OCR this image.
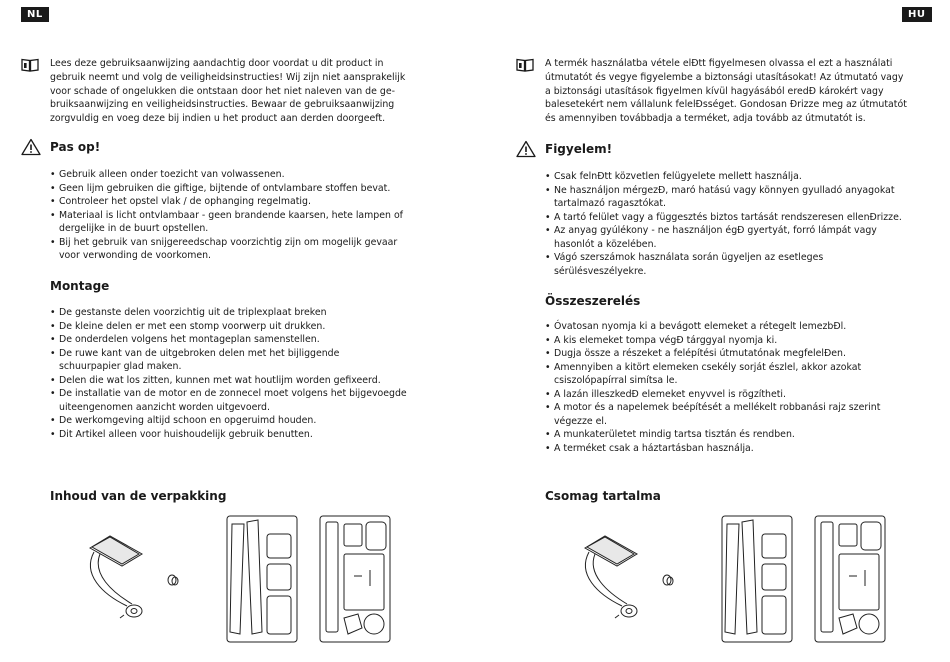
NL

Lees deze gebruiksaanwijzing aandachtig door voordat u dit product in
gebruik neemt und volg de veiligheidsinstructies! Wij zijn niet aansprakelijk
voor schade of ongelukken die ontstaan door het niet naleven van de ge-
bruiksaanwijzing en veiligheidsinstructies. Bewaar de gebruiksaanwijzing
zorgvuldig en voeg deze bij indien u het product aan derden doorgeeft.

Pas op!
• Gebruik alleen onder toezicht van volwassenen.
• Geen lijm gebruiken die giftige, bijtende of ontvlambare stoffen bevat.
• Controleer het opstel vlak / de ophanging regelmatig.
• Materiaal is licht ontvlambaar - geen brandende kaarsen, hete lampen of
dergelijke in de buurt opstellen.
• Bij het gebruik van snijgereedschap voorzichtig zijn om mogelijk gevaar
voor verwonding de voorkomen.
Montage
• De gestanste delen voorzichtig uit de triplexplaat breken
• De kleine delen er met een stomp voorwerp uit drukken.
• De onderdelen volgens het montageplan samenstellen.
• De ruwe kant van de uitgebroken delen met het bijliggende
schuurpapier glad maken.
• Delen die wat los zitten, kunnen met wat houtlijm worden gefixeerd.
• De installatie van de motor en de zonnecel moet volgens het bijgevoegde
uiteengenomen aanzicht worden uitgevoerd.
• De werkomgeving altijd schoon en opgeruimd houden.
• Dit Artikel alleen voor huishoudelijk gebruik benutten.
Inhoud van de verpakking
HU

A termék használatba vétele elÐtt figyelmesen olvassa el ezt a használati
útmutatót és vegye figyelembe a biztonsági utasításokat! Az útmutató vagy
a biztonsági utasítások figyelmen kívül hagyásából eredÐ károkért vagy
balesetekért nem vállalunk felelÐsséget. Gondosan Ðrizze meg az útmutatót
és amennyiben továbbadja a terméket, adja tovább az útmutatót is.

Figyelem!
• Csak felnÐtt közvetlen felügyelete mellett használja.
• Ne használjon mérgezÐ, maró hatású vagy könnyen gyulladó anyagokat
tartalmazó ragasztókat.
• A tartó felület vagy a függesztés biztos tartását rendszeresen ellenÐrizze.
• Az anyag gyúlékony - ne használjon égÐ gyertyát, forró lámpát vagy
hasonlót a közelében.
• Vágó szerszámok használata során ügyeljen az esetleges
sérülésveszélyekre.
Összeszerelés
• Óvatosan nyomja ki a bevágott elemeket a rétegelt lemezbÐl.
• A kis elemeket tompa végÐ tárggyal nyomja ki.
• Dugja össze a részeket a felépítési útmutatónak megfelelÐen.
• Amennyiben a kitört elemeken csekély sorját észlel, akkor azokat
csiszolópapírral simítsa le.
• A lazán illeszkedÐ elemeket enyvvel is rögzítheti.
• A motor és a napelemek beépítését a mellékelt robbanási rajz szerint
végezze el.
• A munkaterületet mindig tartsa tisztán és rendben.
• A terméket csak a háztartásban használja.
Csomag tartalma
